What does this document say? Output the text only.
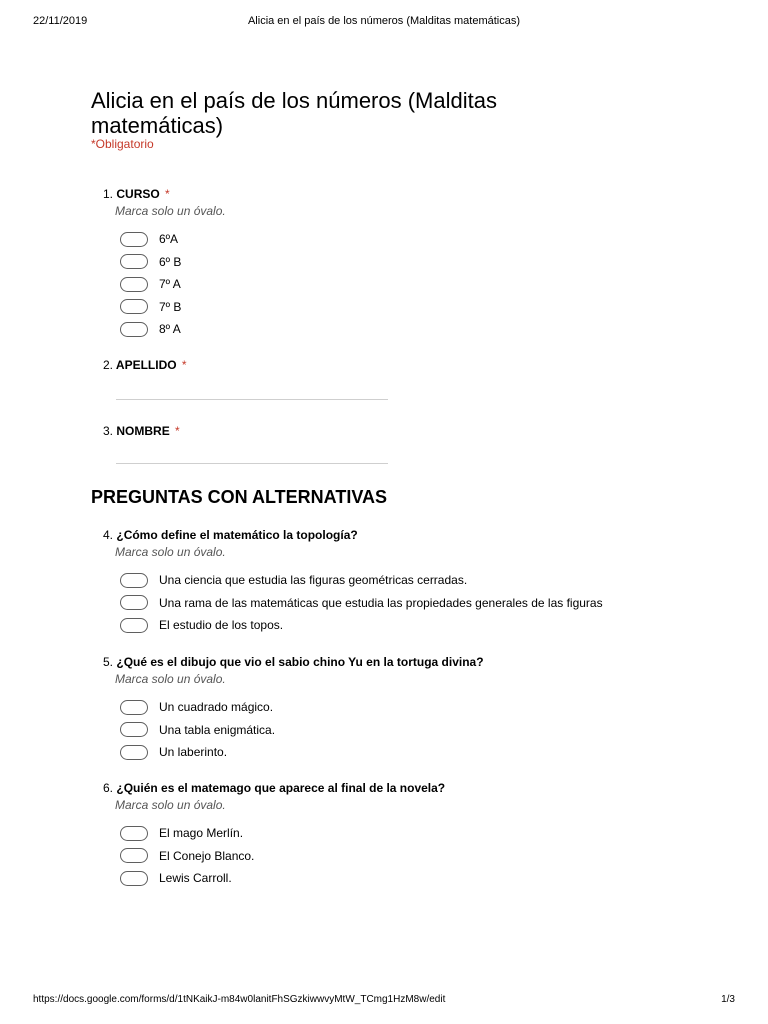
22/11/2019	Alicia en el país de los números (Malditas matemáticas)
Alicia en el país de los números (Malditas matemáticas)
*Obligatorio
1. CURSO *
Marca solo un óvalo.
6ºA
6º B
7º A
7º B
8º A
2. APELLIDO *
3. NOMBRE *
PREGUNTAS CON ALTERNATIVAS
4. ¿Cómo define el matemático la topología?
Marca solo un óvalo.
Una ciencia que estudia las figuras geométricas cerradas.
Una rama de las matemáticas que estudia las propiedades generales de las figuras
El estudio de los topos.
5. ¿Qué es el dibujo que vio el sabio chino Yu en la tortuga divina?
Marca solo un óvalo.
Un cuadrado mágico.
Una tabla enigmática.
Un laberinto.
6. ¿Quién es el matemago que aparece al final de la novela?
Marca solo un óvalo.
El mago Merlín.
El Conejo Blanco.
Lewis Carroll.
https://docs.google.com/forms/d/1tNKaikJ-m84w0lanitFhSGzkiwwvyMtW_TCmg1HzM8w/edit	1/3
